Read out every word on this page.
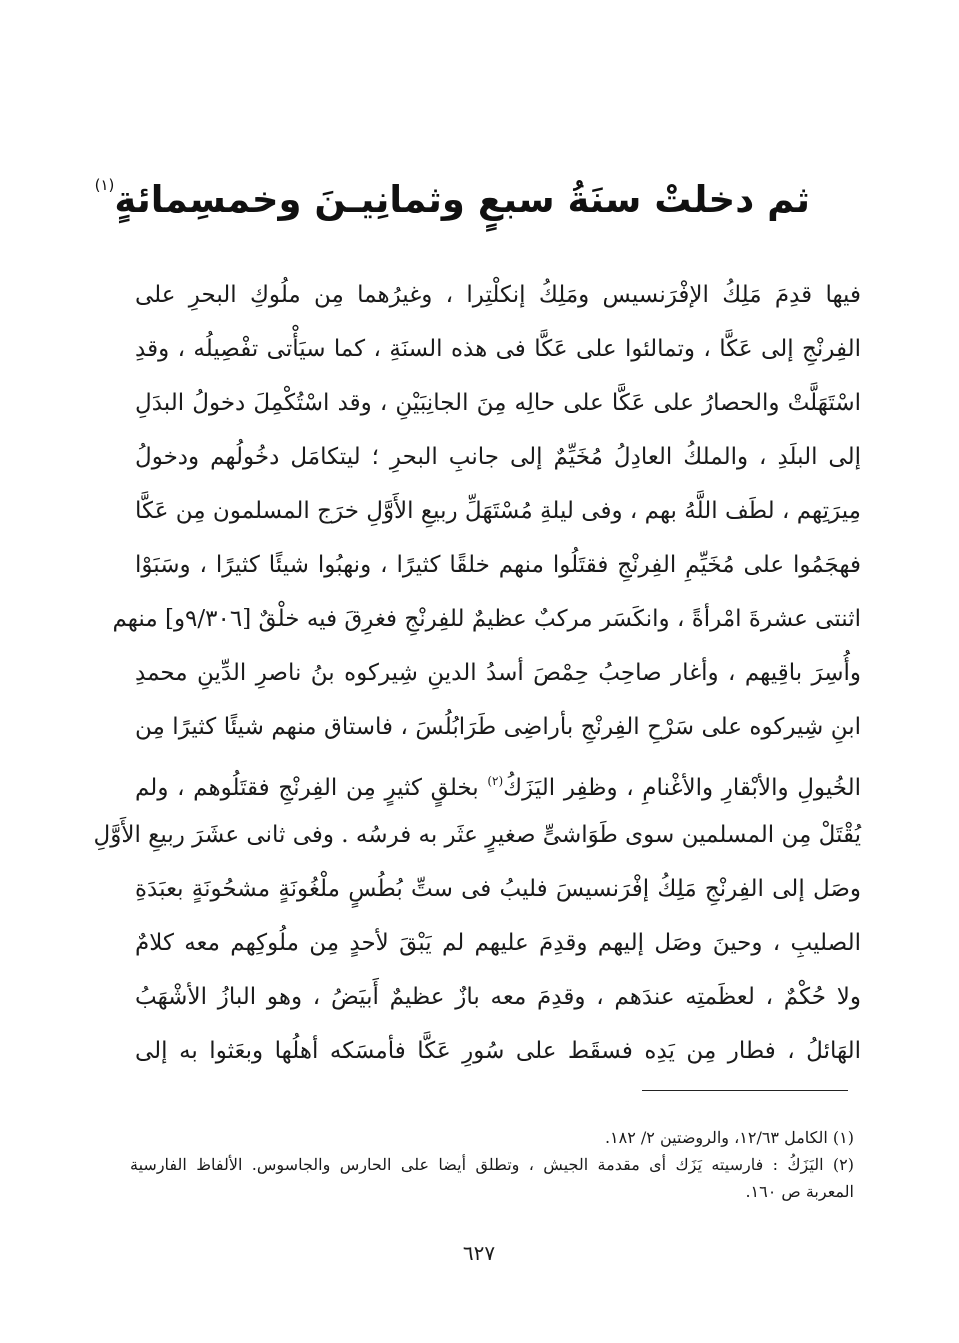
ثم دخلتْ سنَةُ سبعٍ وثمانِيـنَ وخمسِمائةٍ$^{(١)}$
فيها قدِمَ مَلِكُ الإفْرَنسيس ومَلِكُ إنكلْتِرا ، وغيرُهما مِن ملُوكِ البحرِ على
الفِرنْجِ إلى عَكَّا ، وتمالئوا على عَكَّا فى هذه السنَةِ ، كما سيَأْتى تفْصِيلُه ، وقدِ
اسْتَهَلَّتْ والحصارُ على عَكَّا على حالِه مِنَ الجانِبَيْنِ ، وقد اسْتُكْمِلَ دخولُ البدَلِ
إلى البلَدِ ، والملكُ العادِلُ مُخَيِّمٌ إلى جانبِ البحرِ ؛ ليتكامَل دخُولُهم ودخولُ
مِيرَتِهم ، لطَف اللَّهُ بهم ، وفى ليلةِ مُسْتَهَلِّ ربيعِ الأَوَّلِ خرَج المسلمون مِن عَكَّا
فهجَمُوا على مُخَيِّمِ الفِرنْجِ فقتَلُوا منهم خلقًا كثيرًا ، ونهبُوا شيئًا كثيرًا ، وسَبَوْا
اثنتى عشرةَ امْرأةً ، وانكَسَر مركبٌ عظيمٌ للفِرنْجِ فغرِقَ فيه خلْقٌ [٩/٣٠٦و] منهم
وأُسِرَ باقِيهم ، وأغار صاحِبُ حِمْصَ أسدُ الدينِ شِيركوه بنُ ناصرِ الدِّينِ محمدِ
ابنِ شِيركوه على سَرْحِ الفِرنْجِ بأراضِى طَرَابُلُسَ ، فاستاق منهم شيئًا كثيرًا مِن
الخُيولِ والأبْقارِ والأغْنامِ ، وظفِر اليَزَكُ$^{(٢)}$ بخلقٍ كثيرٍ مِن الفِرنْجِ فقتَلُوهم ، ولم
يُقْتَلْ مِن المسلمين سوى طَوَاشىٍّ صغيرٍ عثَر به فرسُه . وفى ثانى عشَرَ ربيعِ الأَوَّلِ
وصَل إلى الفِرنْجِ مَلِكُ إفْرَنسيسَ فليبُ فى ستِّ بُطُسٍ ملْغُونَةٍ مشحُونَةٍ بعبَدَةِ
الصليبِ ، وحينَ وصَل إليهم وقدِمَ عليهم لم يَبْقَ لأحدٍ مِن ملُوكِهم معه كلامٌ
ولا حُكْمٌ ، لعظَمتِه عندَهم ، وقدِمَ معه بازٌ عظيمٌ أَبيَضُ ، وهو البازُ الأشْهَبُ
الهَائلُ ، فطار مِن يَدِه فسقَط على سُورِ عَكَّا فأمسَكه أهلُها وبعَثوا به إلى
(١) الكامل ١٢/٦٣، والروضتين ٢/ ١٨٢.
(٢) اليَزَكُ : فارسيته يَزَك أى مقدمة الجيش ، وتطلق أيضا على الحارس والجاسوس. الألفاظ الفارسية
المعربة ص ١٦٠.
٦٢٧
